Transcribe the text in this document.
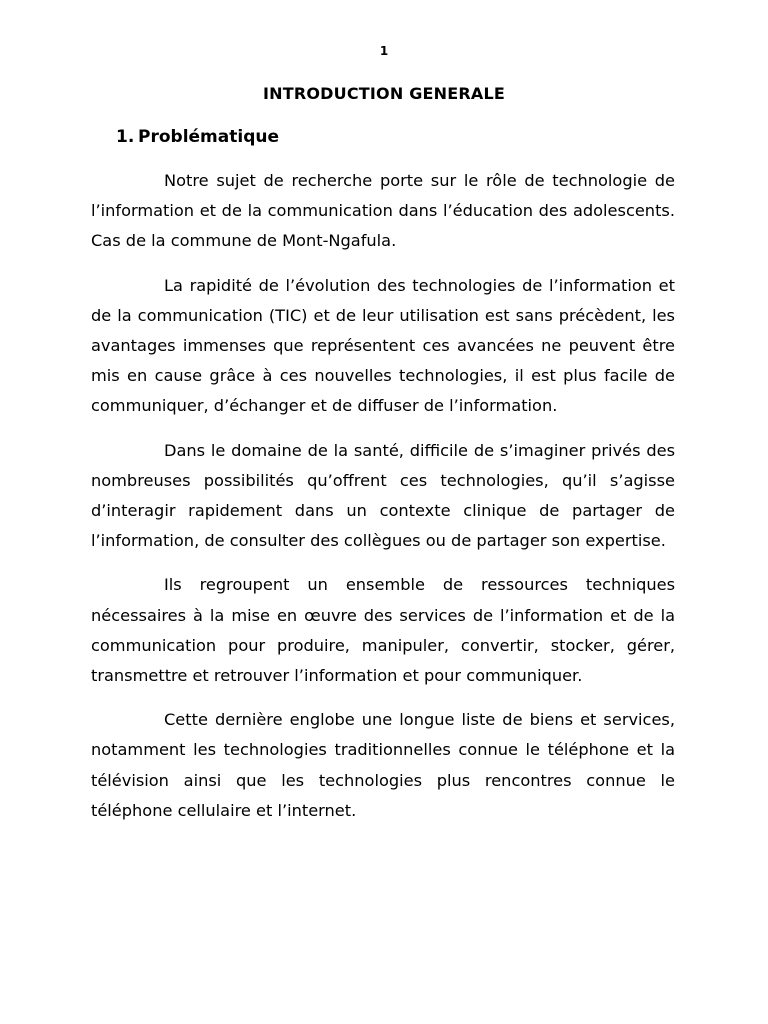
1
INTRODUCTION GENERALE
1. Problématique

Notre sujet de recherche porte sur le rôle de technologie de l’information et de la communication dans l’éducation des adolescents. Cas de la commune de Mont-Ngafula.

La rapidité de l’évolution des technologies de l’information et de la communication (TIC) et de leur utilisation est sans précèdent, les avantages immenses que représentent ces avancées ne peuvent être mis en cause grâce à ces nouvelles technologies, il est plus facile de communiquer, d’échanger et de diffuser de l’information.

Dans le domaine de la santé, difficile de s’imaginer privés des nombreuses possibilités qu’offrent ces technologies, qu’il s’agisse d’interagir rapidement dans un contexte clinique de partager de l’information, de consulter des collègues ou de partager son expertise.

Ils regroupent un ensemble de ressources techniques nécessaires à la mise en œuvre des services de l’information et de la communication pour produire, manipuler, convertir, stocker, gérer, transmettre et retrouver l’information et pour communiquer.

Cette dernière englobe une longue liste de biens et services, notamment les technologies traditionnelles connue le téléphone et la télévision ainsi que les technologies plus rencontres connue le téléphone cellulaire et l’internet.
